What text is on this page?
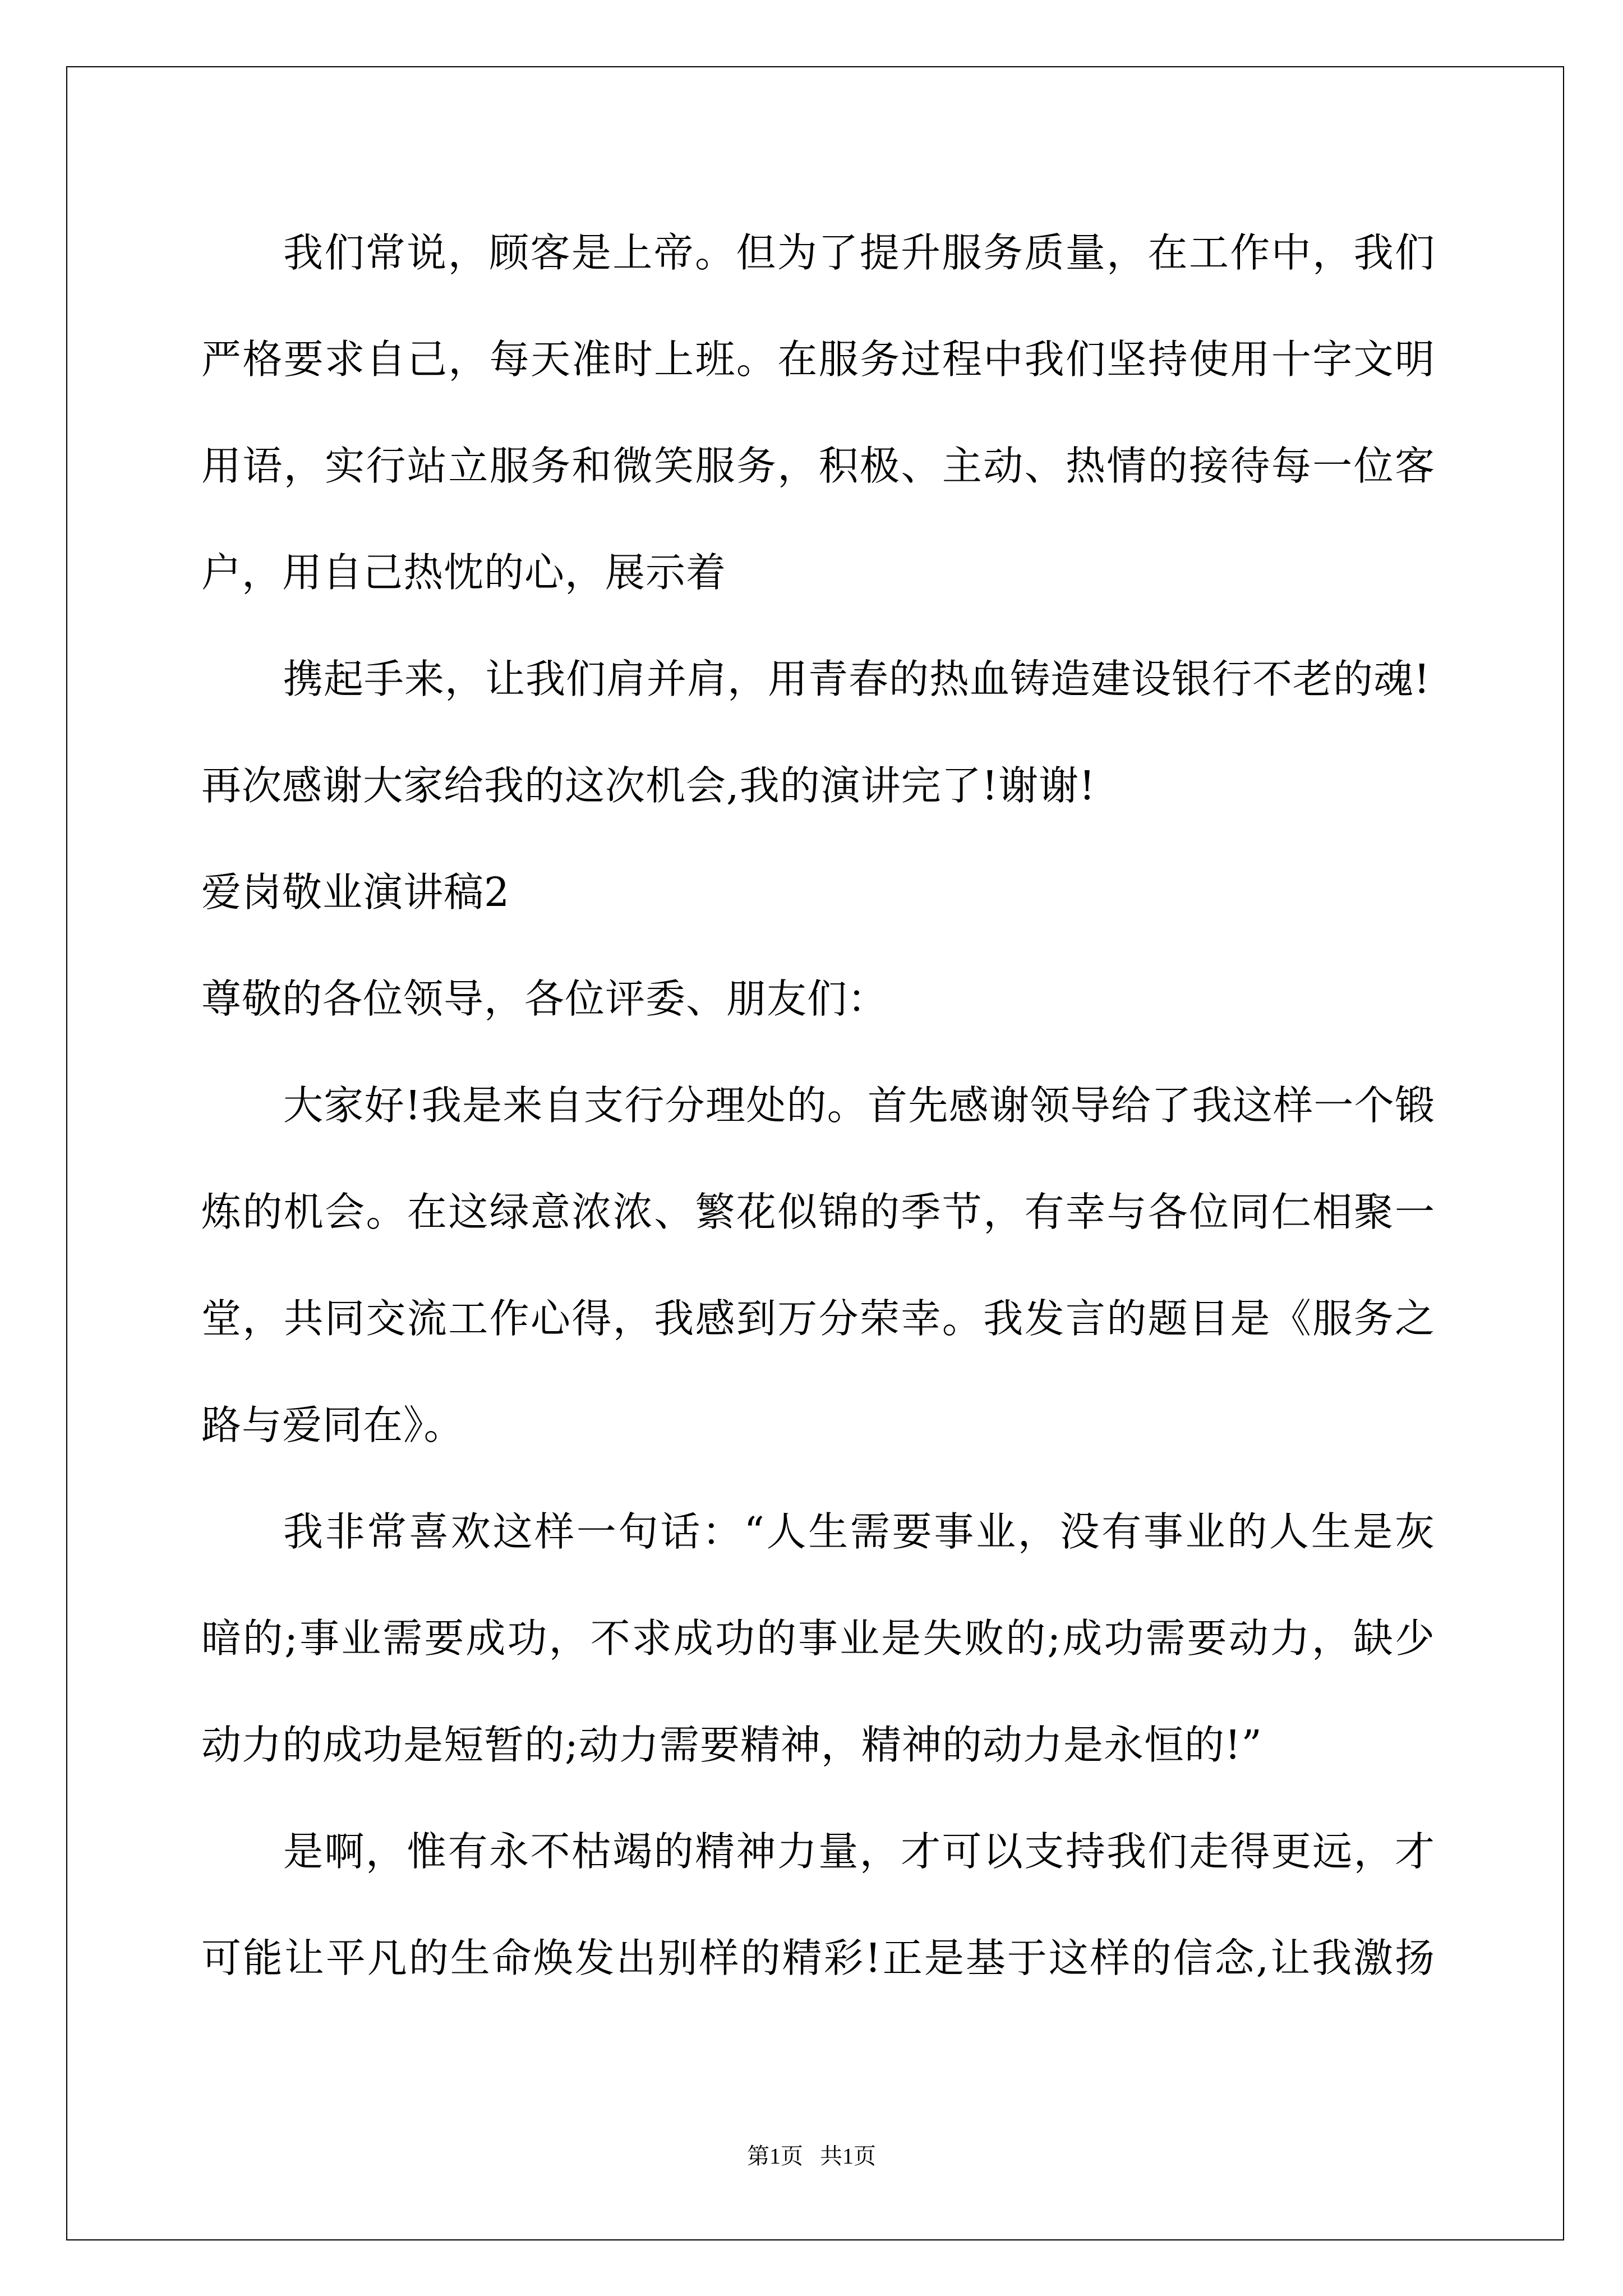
我们常说，顾客是上帝。但为了提升服务质量，在工作中，我们
严格要求自己，每天准时上班。在服务过程中我们坚持使用十字文明
用语，实行站立服务和微笑服务，积极、主动、热情的接待每一位客
户，用自己热忱的心，展示着
携起手来，让我们肩并肩，用青春的热血铸造建设银行不老的魂!
再次感谢大家给我的这次机会,我的演讲完了!谢谢!
爱岗敬业演讲稿2
尊敬的各位领导，各位评委、朋友们：
大家好!我是来自支行分理处的。首先感谢领导给了我这样一个锻
炼的机会。在这绿意浓浓、繁花似锦的季节，有幸与各位同仁相聚一
堂，共同交流工作心得，我感到万分荣幸。我发言的题目是《服务之
路与爱同在》。
我非常喜欢这样一句话：“人生需要事业，没有事业的人生是灰
暗的;事业需要成功，不求成功的事业是失败的;成功需要动力，缺少
动力的成功是短暂的;动力需要精神，精神的动力是永恒的!”
是啊，惟有永不枯竭的精神力量，才可以支持我们走得更远，才
可能让平凡的生命焕发出别样的精彩!正是基于这样的信念,让我激扬
第1页   共1页
